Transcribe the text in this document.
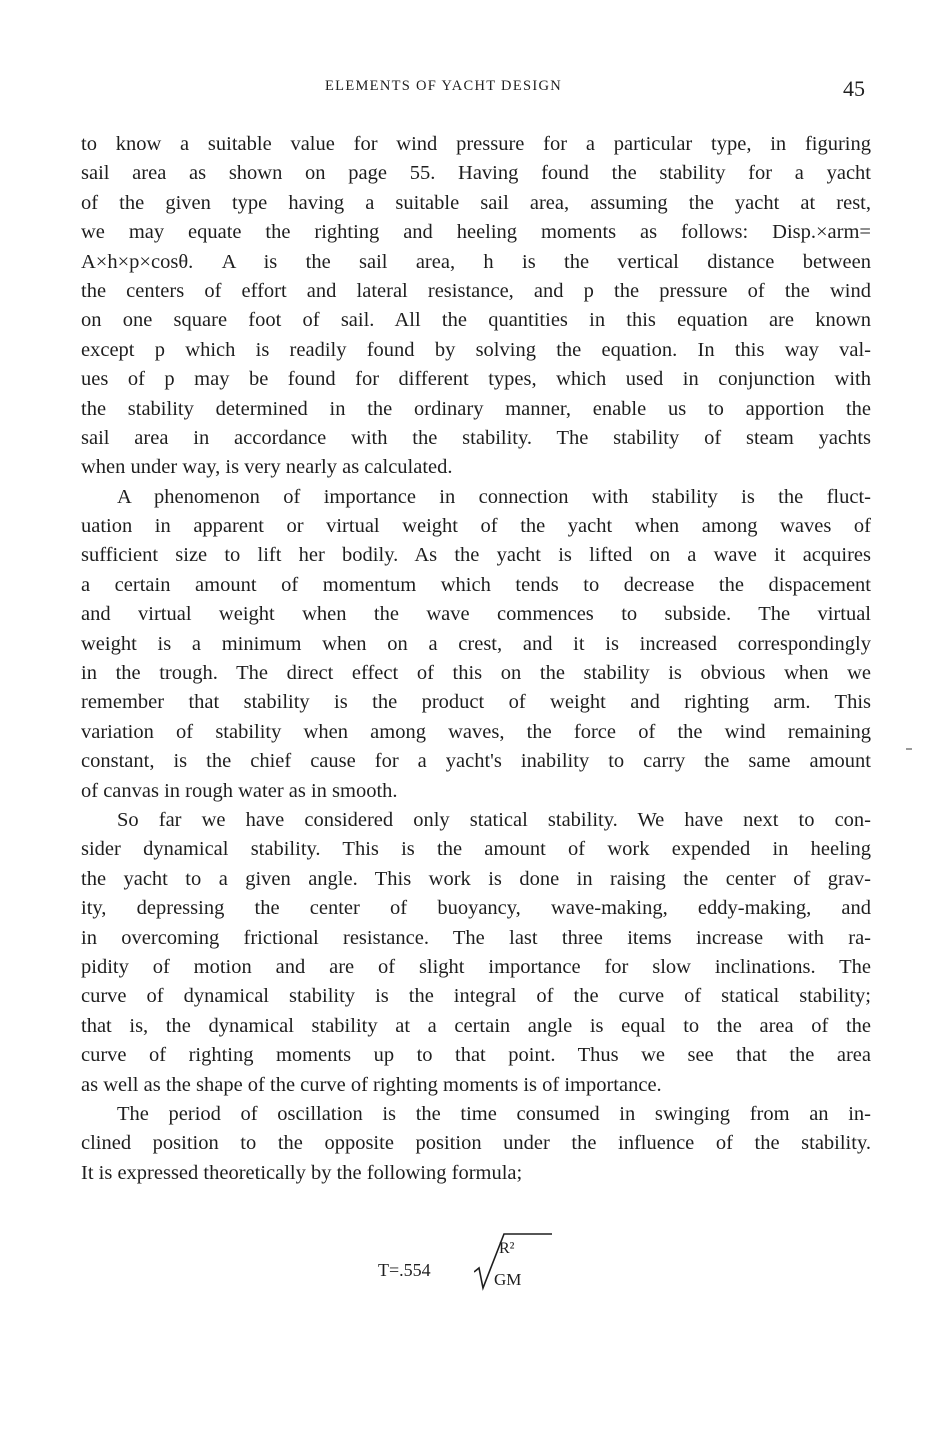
ELEMENTS OF YACHT DESIGN	45
to know a suitable value for wind pressure for a particular type, in figuring
sail area as shown on page 55. Having found the stability for a yacht
of the given type having a suitable sail area, assuming the yacht at rest,
we may equate the righting and heeling moments as follows: Disp.×arm=
A×h×p×cosθ. A is the sail area, h is the vertical distance between
the centers of effort and lateral resistance, and p the pressure of the wind
on one square foot of sail. All the quantities in this equation are known
except p which is readily found by solving the equation. In this way val-
ues of p may be found for different types, which used in conjunction with
the stability determined in the ordinary manner, enable us to apportion the
sail area in accordance with the stability. The stability of steam yachts
when under way, is very nearly as calculated.
A phenomenon of importance in connection with stability is the fluct-
uation in apparent or virtual weight of the yacht when among waves of
sufficient size to lift her bodily. As the yacht is lifted on a wave it acquires
a certain amount of momentum which tends to decrease the dispacement
and virtual weight when the wave commences to subside. The virtual
weight is a minimum when on a crest, and it is increased correspondingly
in the trough. The direct effect of this on the stability is obvious when we
remember that stability is the product of weight and righting arm. This
variation of stability when among waves, the force of the wind remaining
constant, is the chief cause for a yacht's inability to carry the same amount
of canvas in rough water as in smooth.
So far we have considered only statical stability. We have next to con-
sider dynamical stability. This is the amount of work expended in heeling
the yacht to a given angle. This work is done in raising the center of grav-
ity, depressing the center of buoyancy, wave-making, eddy-making, and
in overcoming frictional resistance. The last three items increase with ra-
pidity of motion and are of slight importance for slow inclinations. The
curve of dynamical stability is the integral of the curve of statical stability;
that is, the dynamical stability at a certain angle is equal to the area of the
curve of righting moments up to that point. Thus we see that the area
as well as the shape of the curve of righting moments is of importance.
The period of oscillation is the time consumed in swinging from an in-
clined position to the opposite position under the influence of the stability.
It is expressed theoretically by the following formula;
T=.554
R²
GM
